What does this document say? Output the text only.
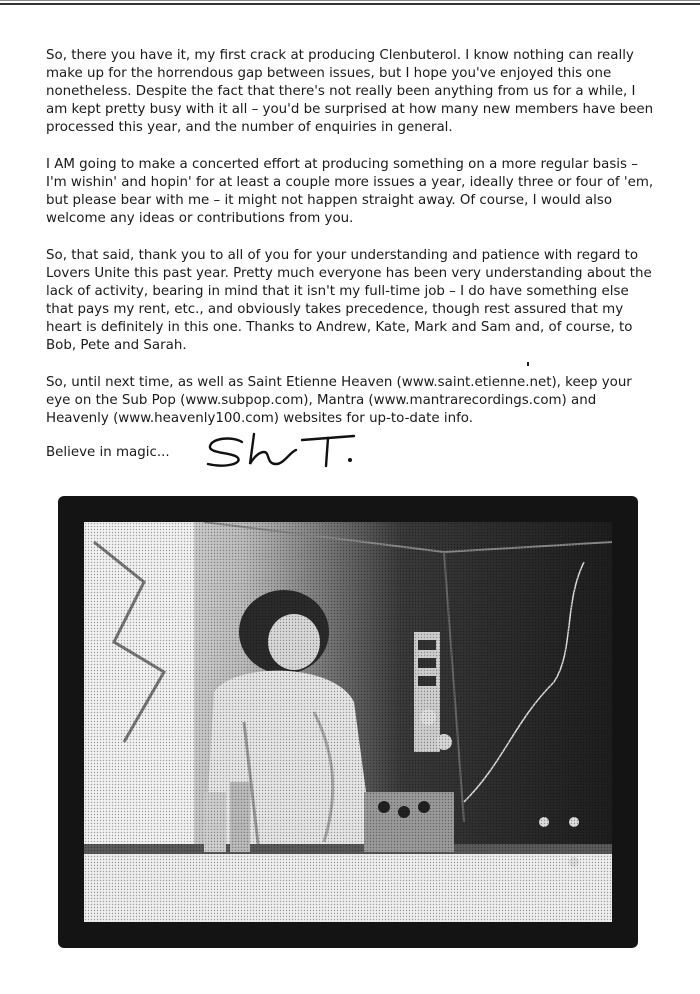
So, there you have it, my first crack at producing Clenbuterol. I know nothing can really make up for the horrendous gap between issues, but I hope you've enjoyed this one nonetheless. Despite the fact that there's not really been anything from us for a while, I am kept pretty busy with it all – you'd be surprised at how many new members have been processed this year, and the number of enquiries in general.

I AM going to make a concerted effort at producing something on a more regular basis – I'm wishin' and hopin' for at least a couple more issues a year, ideally three or four of 'em, but please bear with me – it might not happen straight away. Of course, I would also welcome any ideas or contributions from you.

So, that said, thank you to all of you for your understanding and patience with regard to Lovers Unite this past year. Pretty much everyone has been very understanding about the lack of activity, bearing in mind that it isn't my full-time job – I do have something else that pays my rent, etc., and obviously takes precedence, though rest assured that my heart is definitely in this one. Thanks to Andrew, Kate, Mark and Sam and, of course, to Bob, Pete and Sarah.

So, until next time, as well as Saint Etienne Heaven (www.saint.etienne.net), keep your eye on the Sub Pop (www.subpop.com), Mantra (www.mantrarecordings.com) and Heavenly (www.heavenly100.com) websites for up-to-date info.

Believe in magic...
